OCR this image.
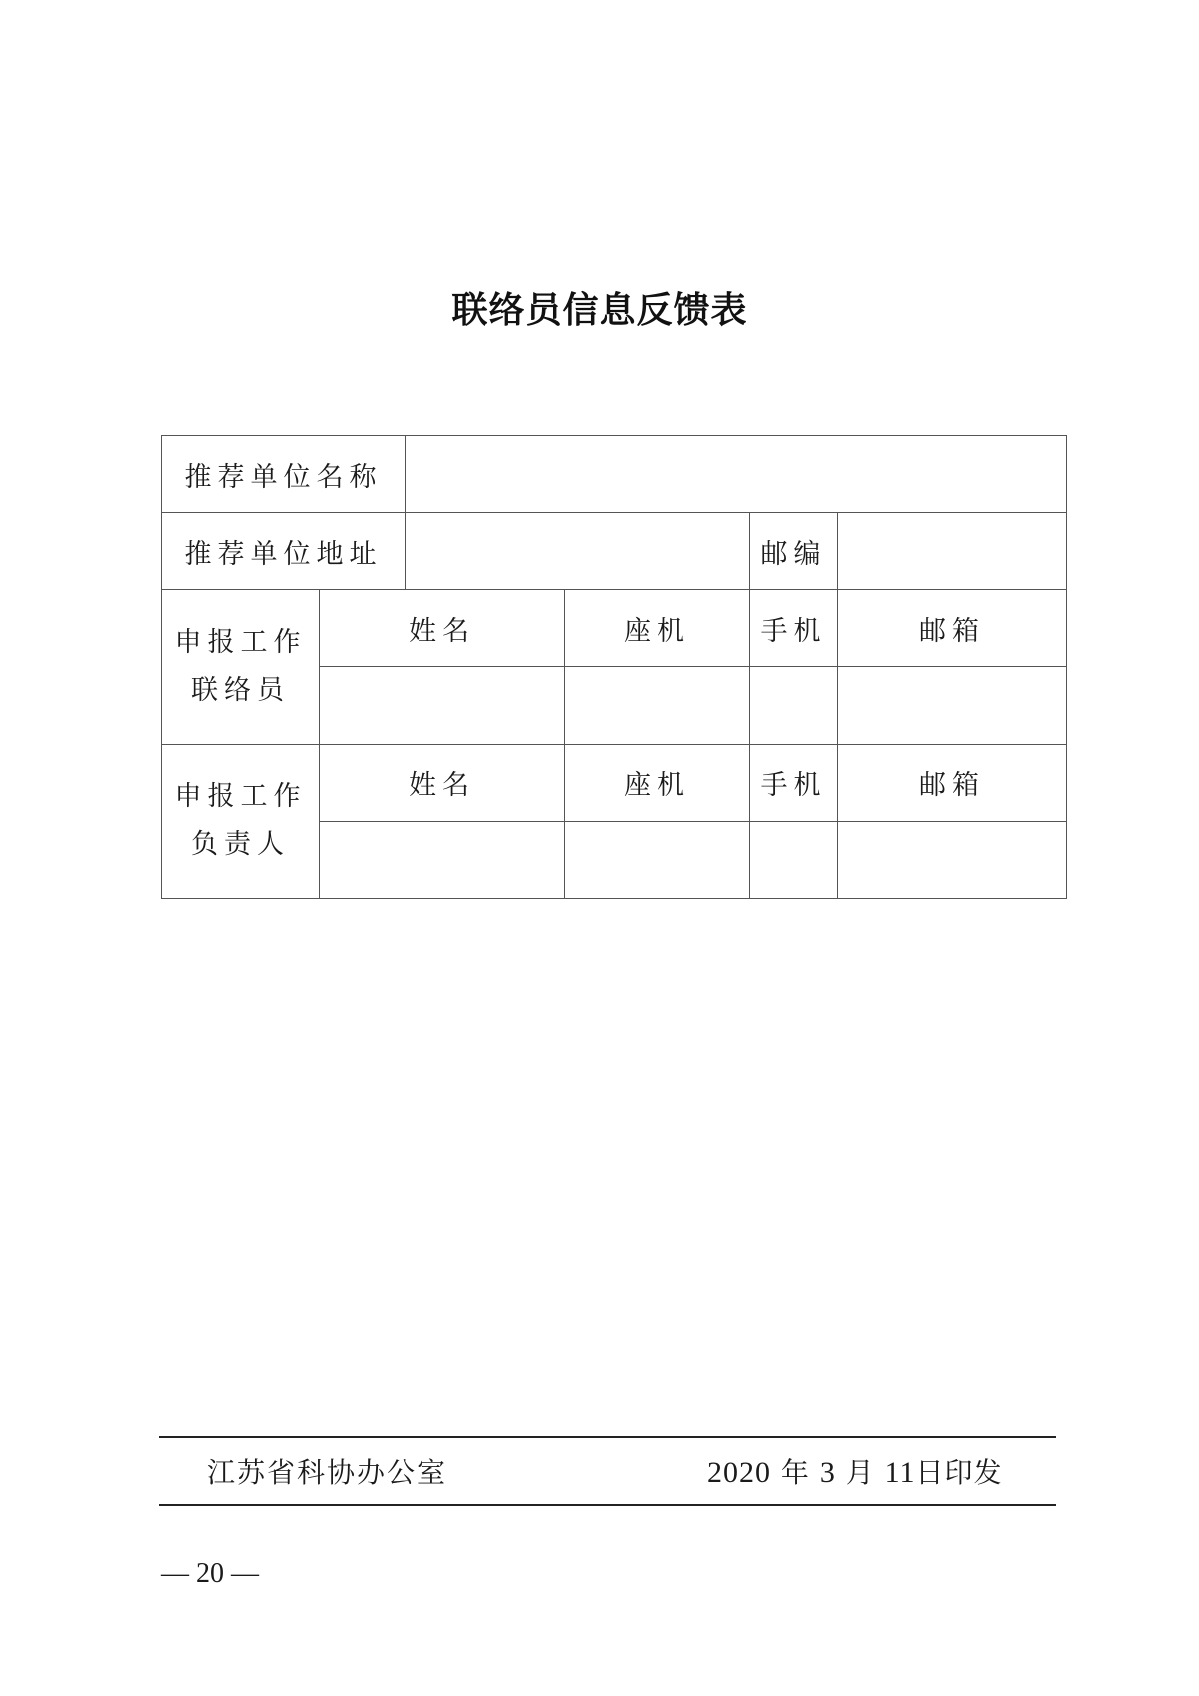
联络员信息反馈表
推荐单位名称					
推荐单位地址				邮编	

申报工作
联络员	姓名		座机	手机	邮箱

申报工作
负责人	姓名		座机	手机	邮箱

江苏省科协办公室	2020 年 3 月 11日印发
— 20 —
